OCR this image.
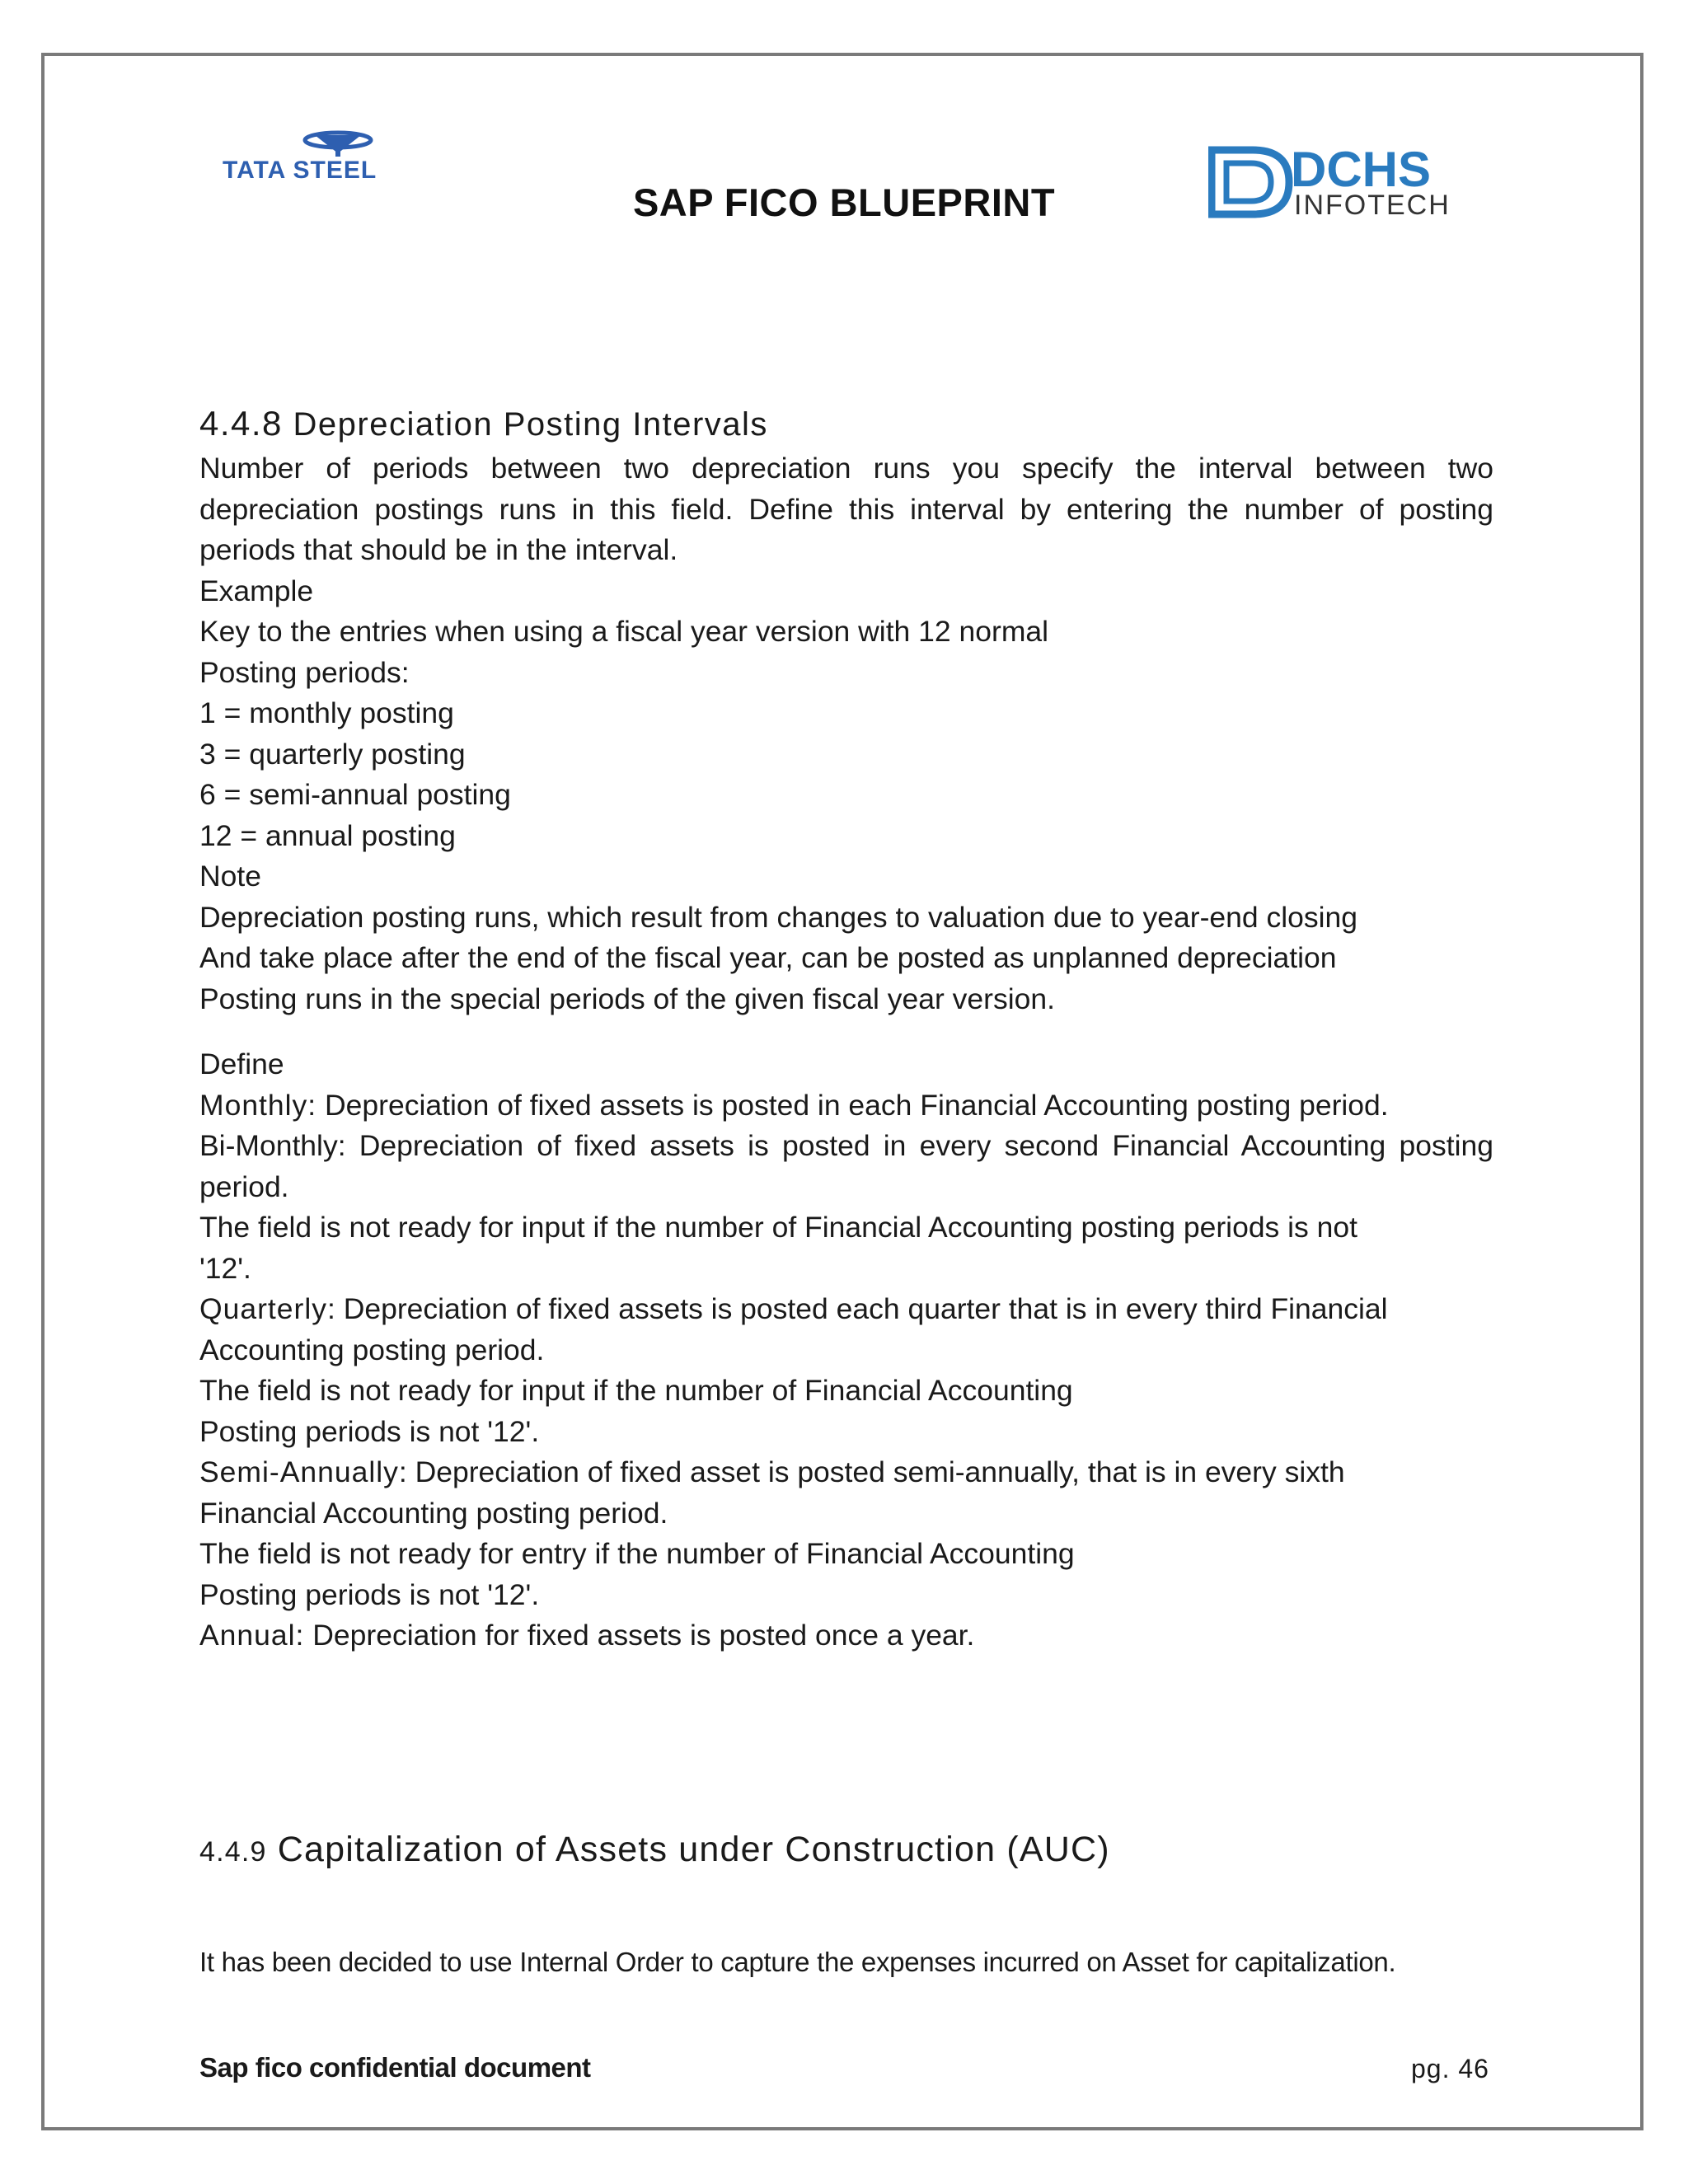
TATA STEEL	DCHS
INFOTECH
SAP FICO BLUEPRINT
4.4.8 Depreciation Posting Intervals

Number of periods between two depreciation runs you specify the interval between two

depreciation postings runs in this field. Define this interval by entering the number of posting

periods that should be in the interval.

Example

Key to the entries when using a fiscal year version with 12 normal

Posting periods:

1 = monthly posting

3 = quarterly posting

6 = semi-annual posting

12 = annual posting

Note

Depreciation posting runs, which result from changes to valuation due to year-end closing

And take place after the end of the fiscal year, can be posted as unplanned depreciation

Posting runs in the special periods of the given fiscal year version.

Define

Monthly: Depreciation of fixed assets is posted in each Financial Accounting posting period.

Bi-Monthly: Depreciation of fixed assets is posted in every second Financial Accounting posting

period.

The field is not ready for input if the number of Financial Accounting posting periods is not

'12'.

Quarterly: Depreciation of fixed assets is posted each quarter that is in every third Financial

Accounting posting period.

The field is not ready for input if the number of Financial Accounting

Posting periods is not '12'.

Semi-Annually: Depreciation of fixed asset is posted semi-annually, that is in every sixth

Financial Accounting posting period.

The field is not ready for entry if the number of Financial Accounting

Posting periods is not '12'.

Annual: Depreciation for fixed assets is posted once a year.

4.4.9 Capitalization of Assets under Construction (AUC)
It has been decided to use Internal Order to capture the expenses incurred on Asset for capitalization.
Sap fico confidential document	pg. 46
